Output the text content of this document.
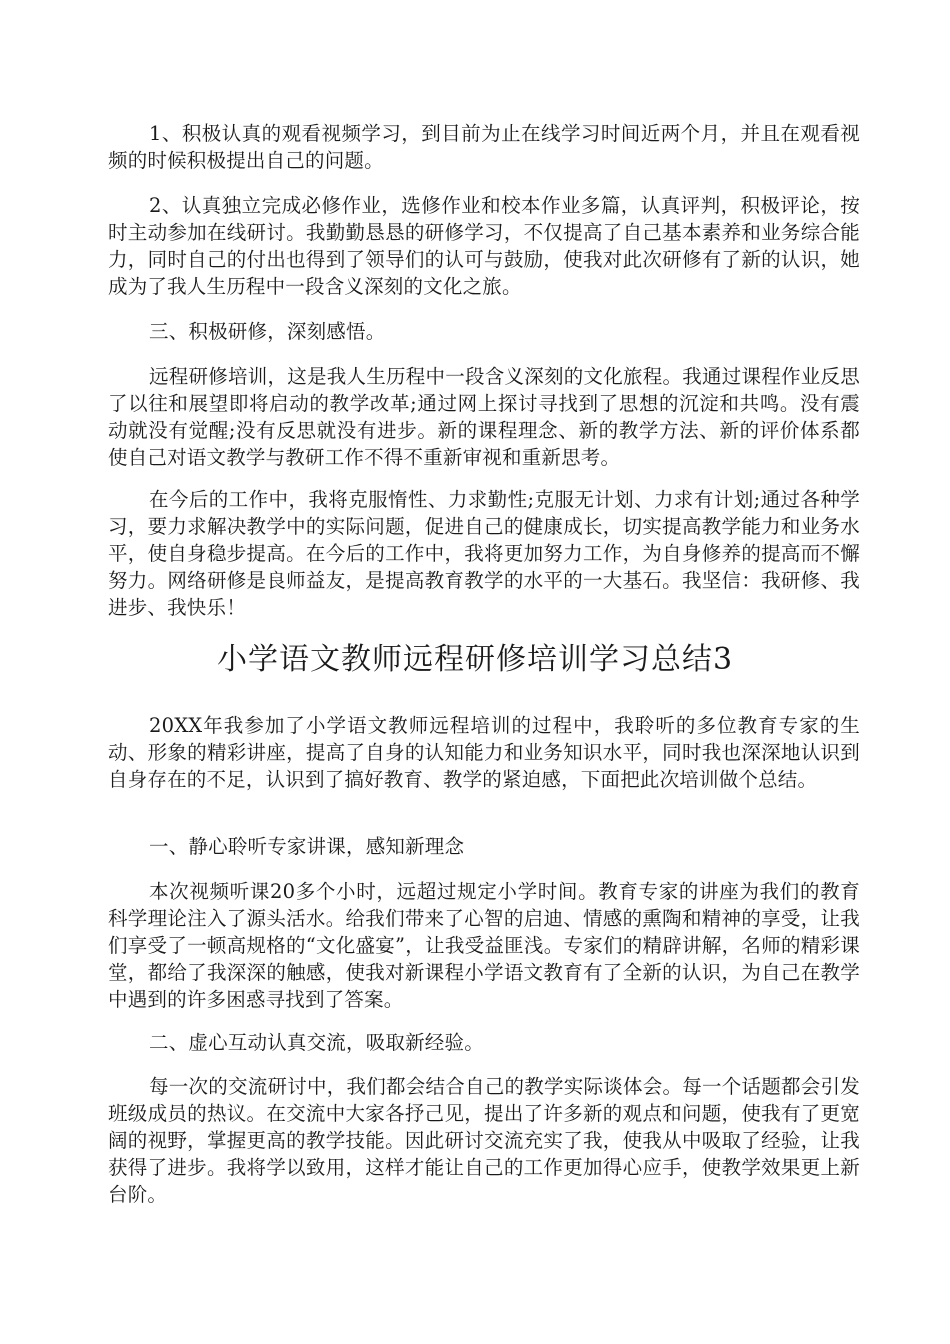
1、积极认真的观看视频学习，到目前为止在线学习时间近两个月，并且在观看视频的时候积极提出自己的问题。

2、认真独立完成必修作业，选修作业和校本作业多篇，认真评判，积极评论，按时主动参加在线研讨。我勤勤恳恳的研修学习，不仅提高了自己基本素养和业务综合能力，同时自己的付出也得到了领导们的认可与鼓励，使我对此次研修有了新的认识，她成为了我人生历程中一段含义深刻的文化之旅。

三、积极研修，深刻感悟。

远程研修培训，这是我人生历程中一段含义深刻的文化旅程。我通过课程作业反思了以往和展望即将启动的教学改革;通过网上探讨寻找到了思想的沉淀和共鸣。没有震动就没有觉醒;没有反思就没有进步。新的课程理念、新的教学方法、新的评价体系都使自己对语文教学与教研工作不得不重新审视和重新思考。

在今后的工作中，我将克服惰性、力求勤性;克服无计划、力求有计划;通过各种学习，要力求解决教学中的实际问题，促进自己的健康成长，切实提高教学能力和业务水平，使自身稳步提高。在今后的工作中，我将更加努力工作，为自身修养的提高而不懈努力。网络研修是良师益友，是提高教育教学的水平的一大基石。我坚信：我研修、我进步、我快乐！

小学语文教师远程研修培训学习总结3

20XX年我参加了小学语文教师远程培训的过程中，我聆听的多位教育专家的生动、形象的精彩讲座，提高了自身的认知能力和业务知识水平，同时我也深深地认识到自身存在的不足，认识到了搞好教育、教学的紧迫感，下面把此次培训做个总结。

一、静心聆听专家讲课，感知新理念

本次视频听课20多个小时，远超过规定小学时间。教育专家的讲座为我们的教育科学理论注入了源头活水。给我们带来了心智的启迪、情感的熏陶和精神的享受，让我们享受了一顿高规格的“文化盛宴”，让我受益匪浅。专家们的精辟讲解，名师的精彩课堂，都给了我深深的触感，使我对新课程小学语文教育有了全新的认识，为自己在教学中遇到的许多困惑寻找到了答案。

二、虚心互动认真交流，吸取新经验。

每一次的交流研讨中，我们都会结合自己的教学实际谈体会。每一个话题都会引发班级成员的热议。在交流中大家各抒己见，提出了许多新的观点和问题，使我有了更宽阔的视野，掌握更高的教学技能。因此研讨交流充实了我，使我从中吸取了经验，让我获得了进步。我将学以致用，这样才能让自己的工作更加得心应手，使教学效果更上新台阶。
